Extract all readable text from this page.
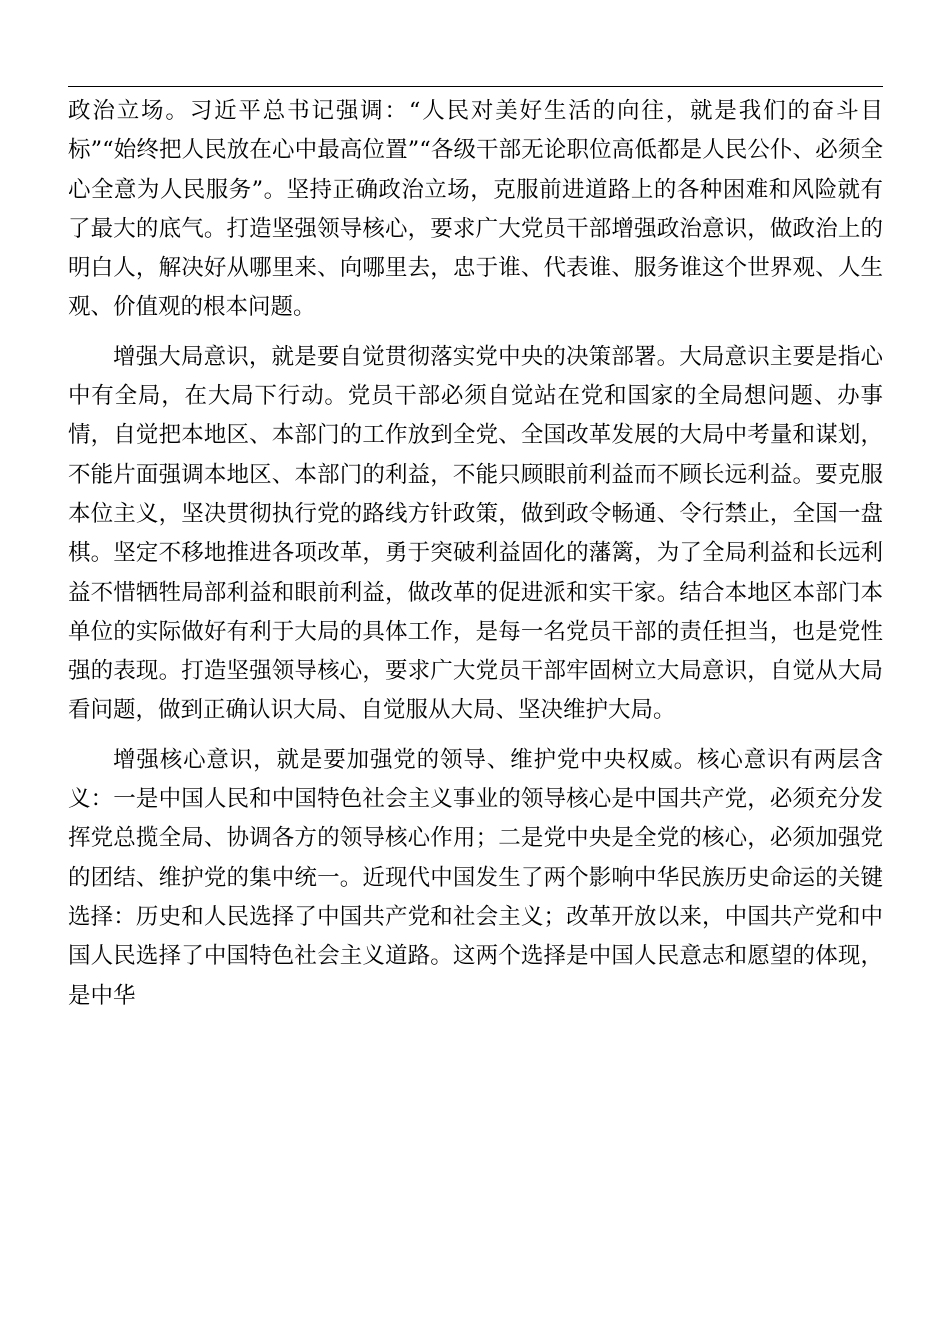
政治立场。习近平总书记强调：“人民对美好生活的向往，就是我们的奋斗目标”“始终把人民放在心中最高位置”“各级干部无论职位高低都是人民公仆、必须全心全意为人民服务”。坚持正确政治立场，克服前进道路上的各种困难和风险就有了最大的底气。打造坚强领导核心，要求广大党员干部增强政治意识，做政治上的明白人，解决好从哪里来、向哪里去，忠于谁、代表谁、服务谁这个世界观、人生观、价值观的根本问题。

增强大局意识，就是要自觉贯彻落实党中央的决策部署。大局意识主要是指心中有全局，在大局下行动。党员干部必须自觉站在党和国家的全局想问题、办事情，自觉把本地区、本部门的工作放到全党、全国改革发展的大局中考量和谋划，不能片面强调本地区、本部门的利益，不能只顾眼前利益而不顾长远利益。要克服本位主义，坚决贯彻执行党的路线方针政策，做到政令畅通、令行禁止，全国一盘棋。坚定不移地推进各项改革，勇于突破利益固化的藩篱，为了全局利益和长远利益不惜牺牲局部利益和眼前利益，做改革的促进派和实干家。结合本地区本部门本单位的实际做好有利于大局的具体工作，是每一名党员干部的责任担当，也是党性强的表现。打造坚强领导核心，要求广大党员干部牢固树立大局意识，自觉从大局看问题，做到正确认识大局、自觉服从大局、坚决维护大局。

增强核心意识，就是要加强党的领导、维护党中央权威。核心意识有两层含义：一是中国人民和中国特色社会主义事业的领导核心是中国共产党，必须充分发挥党总揽全局、协调各方的领导核心作用；二是党中央是全党的核心，必须加强党的团结、维护党的集中统一。近现代中国发生了两个影响中华民族历史命运的关键选择：历史和人民选择了中国共产党和社会主义；改革开放以来，中国共产党和中国人民选择了中国特色社会主义道路。这两个选择是中国人民意志和愿望的体现，是中华
